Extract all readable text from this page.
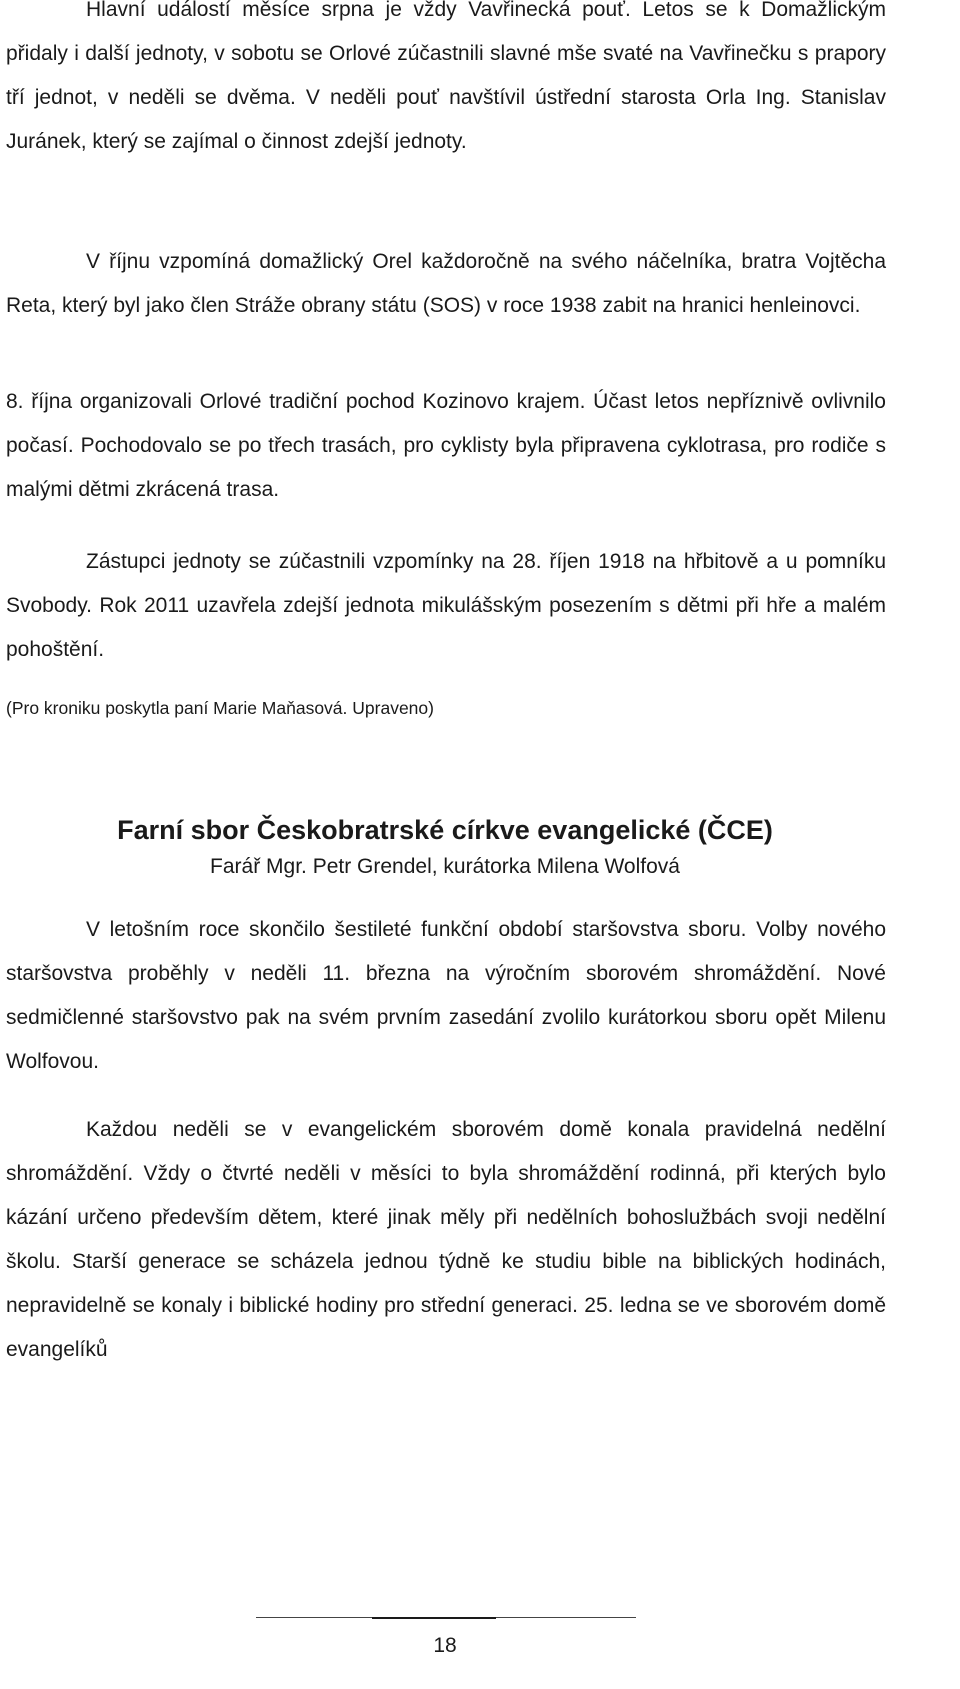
Hlavní událostí měsíce srpna je vždy Vavřinecká pouť. Letos se k Domažlickým přidaly i další jednoty, v sobotu se Orlové zúčastnili slavné mše svaté na Vavřinečku s prapory tří jednot, v neděli se dvěma. V neděli pouť navštívil ústřední starosta Orla Ing. Stanislav Juránek, který se zajímal o činnost zdejší jednoty.

V říjnu vzpomíná domažlický Orel každoročně na svého náčelníka, bratra Vojtěcha Reta, který byl jako člen Stráže obrany státu (SOS) v roce 1938 zabit na hranici henleinovci.

8. října organizovali Orlové tradiční pochod Kozinovo krajem. Účast letos nepříznivě ovlivnilo počasí. Pochodovalo se po třech trasách, pro cyklisty byla připravena cyklotrasa, pro rodiče s malými dětmi zkrácená trasa.

Zástupci jednoty se zúčastnili vzpomínky na 28. říjen 1918 na hřbitově a u pomníku Svobody. Rok 2011 uzavřela zdejší jednota mikulášským posezením s dětmi při hře a malém pohoštění.

(Pro kroniku poskytla paní Marie Maňasová. Upraveno)

Farní sbor Českobratrské církve evangelické (ČCE)

Farář Mgr. Petr Grendel, kurátorka Milena Wolfová

V letošním roce skončilo šestileté funkční období staršovstva sboru. Volby nového staršovstva proběhly v neděli 11. března na výročním sborovém shromáždění. Nové sedmičlenné staršovstvo pak na svém prvním zasedání zvolilo kurátorkou sboru opět Milenu Wolfovou.

Každou neděli se v evangelickém sborovém domě konala pravidelná nedělní shromáždění. Vždy o čtvrté neděli v měsíci to byla shromáždění rodinná, při kterých bylo kázání určeno především dětem, které jinak měly při nedělních bohoslužbách svoji nedělní školu. Starší generace se scházela jednou týdně ke studiu bible na biblických hodinách, nepravidelně se konaly i biblické hodiny pro střední generaci. 25. ledna se ve sborovém domě evangelíků

18
